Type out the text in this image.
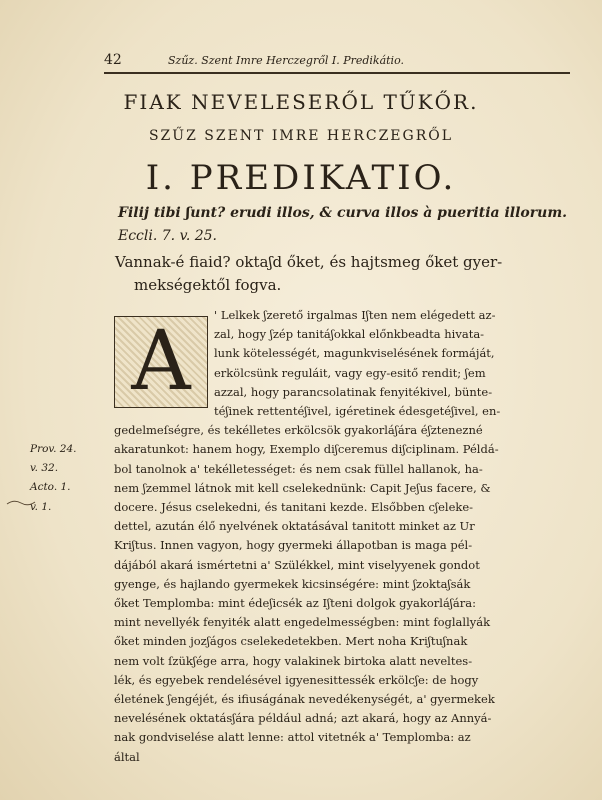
42	Szűz. Szent Imre Herczegről I. Predikátio.
FIAK NEVELESERŐL TŰKŐR.
SZŰZ SZENT IMRE HERCZEGRŐL
I. PREDIKATIO.
Filij tibi ʃunt? erudi illos, & curva illos à pueritia illorum.
Eccli. 7. v. 25.
Vannak-é fiaid? oktaʃd őket, és hajtsmeg őket gyer-
mekségektől fogva.
A	' Lelkek ʃzerető irgalmas Iʃten nem elégedett az-
zal, hogy ʃzép tanitáʃokkal előnkbeadta hivata-
lunk kötelességét, magunkviselésének formáját,
erkölcsünk reguláit, vagy egy-esitő rendit; ʃem
azzal, hogy parancsolatinak fenyitékivel, bünte-
téʃinek rettentéʃivel, igéretinek édesgetéʃivel, en-
gedelmeſségre, és tekélletes erkölcsök gyakorláʃára éʃztenezné
akaratunkot: hanem hogy, Exemplo diʃceremus diʃciplinam. Példá-
bol tanolnok a' tekélletességet: és nem csak füllel hallanok, ha-
nem ʃzemmel látnok mit kell cselekednünk: Capit Jeʃus facere, &
docere. Jésus cselekedni, és tanitani kezde. Elsőbben cʃeleke-
dettel, azután élő nyelvének oktatásával tanitott minket az Ur
Kriʃtus. Innen vagyon, hogy gyermeki állapotban is maga pél-
dájából akará ismértetni a' Szülékkel, mint viselyyenek gondot
gyenge, és hajlando gyermekek kicsinségére: mint ʃzoktaʃsák
őket Templomba: mint édeʃicsék az Iʃteni dolgok gyakorláʃára:
mint nevellyék fenyiték alatt engedelmességben: mint foglallyák
őket minden jozʃágos cselekedetekben. Mert noha Kriʃtuʃnak
nem volt ſzükʃége arra, hogy valakinek birtoka alatt neveltes-
lék, és egyebek rendelésével igyenesittessék erkölcʃe: de hogy
életének ʃengéjét, és ifiuságának nevedékenységét, a' gyermekek
nevelésének oktatásʃára például adná; azt akará, hogy az Annyá-
nak gondviselése alatt lenne: attol vitetnék a' Templomba: az
által
Prov. 24.
v. 32.
Acto. 1.
v. 1.
